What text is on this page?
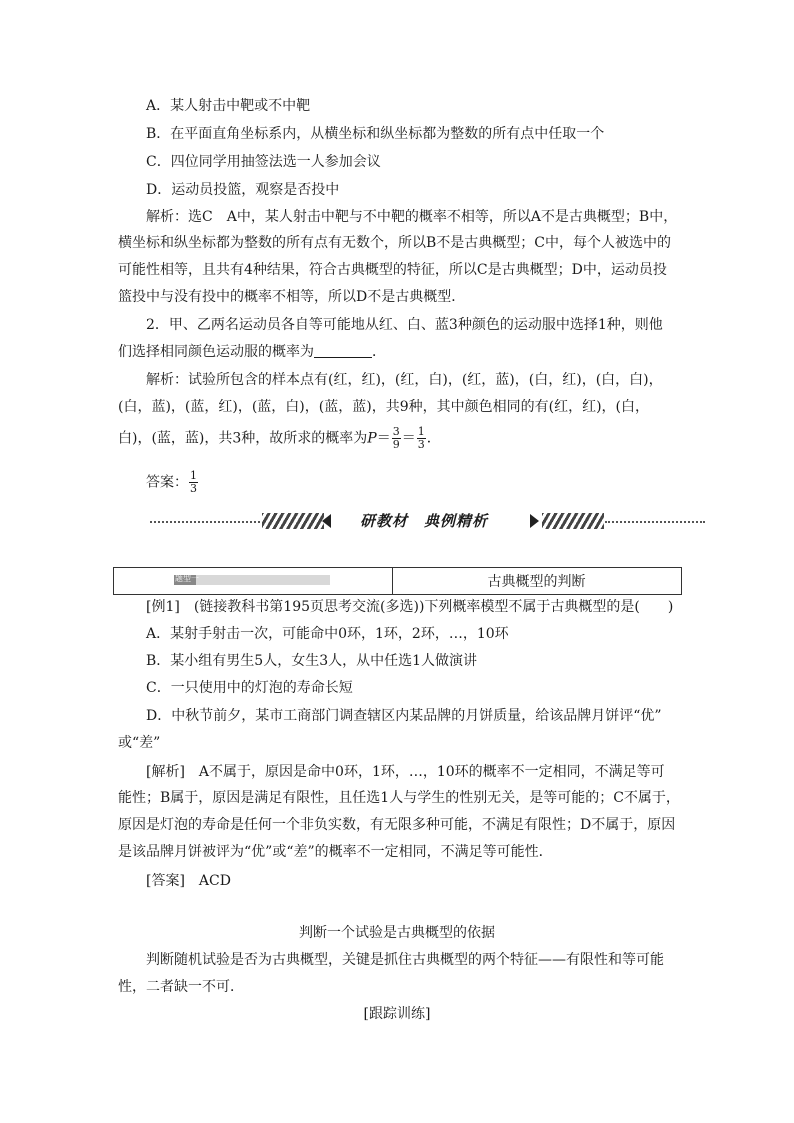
A．某人射击中靶或不中靶
B．在平面直角坐标系内，从横坐标和纵坐标都为整数的所有点中任取一个
C．四位同学用抽签法选一人参加会议
D．运动员投篮，观察是否投中
解析：选C　A中，某人射击中靶与不中靶的概率不相等，所以A不是古典概型；B中，
横坐标和纵坐标都为整数的所有点有无数个，所以B不是古典概型；C中，每个人被选中的
可能性相等，且共有4种结果，符合古典概型的特征，所以C是古典概型；D中，运动员投
篮投中与没有投中的概率不相等，所以D不是古典概型．
2．甲、乙两名运动员各自等可能地从红、白、蓝3种颜色的运动服中选择1种，则他
们选择相同颜色运动服的概率为	．
解析：试验所包含的样本点有(红，红)，(红，白)，(红，蓝)，(白，红)，(白，白)，
(白，蓝)，(蓝，红)，(蓝，白)，(蓝，蓝)，共9种，其中颜色相同的有(红，红)，(白，
白)，(蓝，蓝)，共3种，故所求的概率为$P= \frac{3}{9} = \frac{1}{3}$ ．
答案： $\frac{1}{3}$
研教材　典例精析
题型一	古典概型的判断
[例1]　(链接教科书第195页思考交流(多选))下列概率模型不属于古典概型的是(　　)
A．某射手射击一次，可能命中0环，1环，2环，…，10环
B．某小组有男生5人，女生3人，从中任选1人做演讲
C．一只使用中的灯泡的寿命长短
D．中秋节前夕，某市工商部门调查辖区内某品牌的月饼质量，给该品牌月饼评“优”
或“差”
[解析]　A不属于，原因是命中0环，1环，…，10环的概率不一定相同，不满足等可
能性；B属于，原因是满足有限性，且任选1人与学生的性别无关，是等可能的；C不属于，
原因是灯泡的寿命是任何一个非负实数，有无限多种可能，不满足有限性；D不属于，原因
是该品牌月饼被评为“优”或“差”的概率不一定相同，不满足等可能性．
[答案]　ACD
判断一个试验是古典概型的依据
判断随机试验是否为古典概型，关键是抓住古典概型的两个特征——有限性和等可能
性，二者缺一不可．
[跟踪训练]
